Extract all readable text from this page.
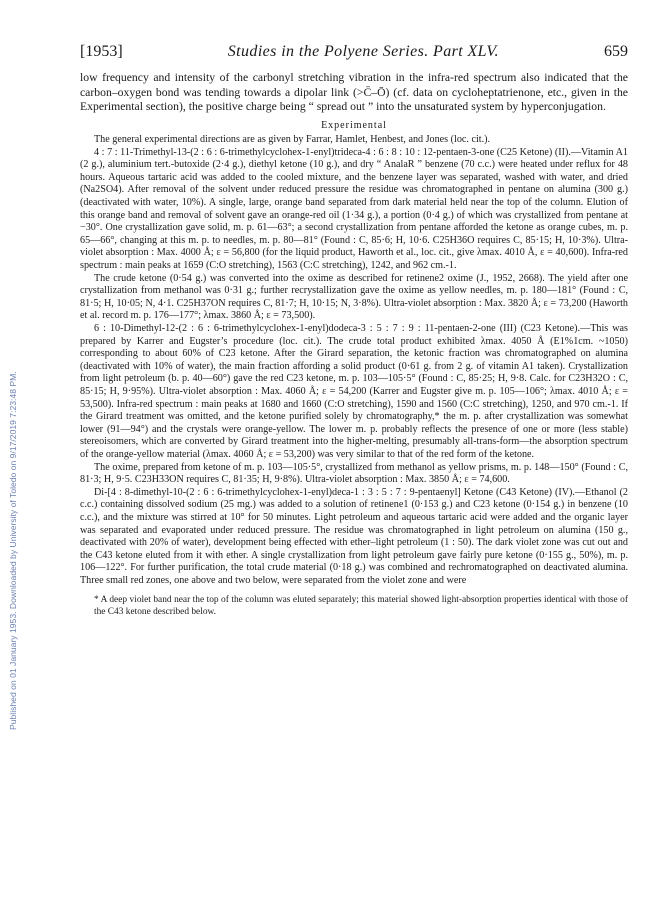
Published on 01 January 1953. Downloaded by University of Toledo on 9/17/2019 7:23:48 PM.
[1953]	Studies in the Polyene Series. Part XLV.	659

low frequency and intensity of the carbonyl stretching vibration in the infra-red spectrum also indicated that the carbon–oxygen bond was tending towards a dipolar link (>C̄–Ō) (cf. data on cycloheptatrienone, etc., given in the Experimental section), the positive charge being “ spread out ” into the unsaturated system by hyperconjugation.

Experimental

The general experimental directions are as given by Farrar, Hamlet, Henbest, and Jones (loc. cit.).

4 : 7 : 11-Trimethyl-13-(2 : 6 : 6-trimethylcyclohex-1-enyl)trideca-4 : 6 : 8 : 10 : 12-pentaen-3-one (C25 Ketone) (II).—Vitamin A1 (2 g.), aluminium tert.-butoxide (2·4 g.), diethyl ketone (10 g.), and dry “ AnalaR ” benzene (70 c.c.) were heated under reflux for 48 hours. Aqueous tartaric acid was added to the cooled mixture, and the benzene layer was separated, washed with water, and dried (Na2SO4). After removal of the solvent under reduced pressure the residue was chromatographed in pentane on alumina (300 g.) (deactivated with water, 10%). A single, large, orange band separated from dark material held near the top of the column. Elution of this orange band and removal of solvent gave an orange-red oil (1·34 g.), a portion (0·4 g.) of which was crystallized from pentane at −30°. One crystallization gave solid, m. p. 61—63°; a second crystallization from pentane afforded the ketone as orange cubes, m. p. 65—66°, changing at this m. p. to needles, m. p. 80—81° (Found : C, 85·6; H, 10·6. C25H36O requires C, 85·15; H, 10·3%). Ultra-violet absorption : Max. 4000 Å; ε = 56,800 (for the liquid product, Haworth et al., loc. cit., give λmax. 4010 Å, ε = 40,600). Infra-red spectrum : main peaks at 1659 (C:O stretching), 1563 (C:C stretching), 1242, and 962 cm.-1.

The crude ketone (0·54 g.) was converted into the oxime as described for retinene2 oxime (J., 1952, 2668). The yield after one crystallization from methanol was 0·31 g.; further recrystallization gave the oxime as yellow needles, m. p. 180—181° (Found : C, 81·5; H, 10·05; N, 4·1. C25H37ON requires C, 81·7; H, 10·15; N, 3·8%). Ultra-violet absorption : Max. 3820 Å; ε = 73,200 (Haworth et al. record m. p. 176—177°; λmax. 3860 Å; ε = 73,500).

6 : 10-Dimethyl-12-(2 : 6 : 6-trimethylcyclohex-1-enyl)dodeca-3 : 5 : 7 : 9 : 11-pentaen-2-one (III) (C23 Ketone).—This was prepared by Karrer and Eugster’s procedure (loc. cit.). The crude total product exhibited λmax. 4050 Å (E1%1cm. ~1050) corresponding to about 60% of C23 ketone. After the Girard separation, the ketonic fraction was chromatographed on alumina (deactivated with 10% of water), the main fraction affording a solid product (0·61 g. from 2 g. of vitamin A1 taken). Crystallization from light petroleum (b. p. 40—60°) gave the red C23 ketone, m. p. 103—105·5° (Found : C, 85·25; H, 9·8. Calc. for C23H32O : C, 85·15; H, 9·95%). Ultra-violet absorption : Max. 4060 Å; ε = 54,200 (Karrer and Eugster give m. p. 105—106°; λmax. 4010 Å; ε = 53,500). Infra-red spectrum : main peaks at 1680 and 1660 (C:O stretching), 1590 and 1560 (C:C stretching), 1250, and 970 cm.-1. If the Girard treatment was omitted, and the ketone purified solely by chromatography,* the m. p. after crystallization was somewhat lower (91—94°) and the crystals were orange-yellow. The lower m. p. probably reflects the presence of one or more (less stable) stereoisomers, which are converted by Girard treatment into the higher-melting, presumably all-trans-form—the absorption spectrum of the orange-yellow material (λmax. 4060 Å; ε = 53,200) was very similar to that of the red form of the ketone.

The oxime, prepared from ketone of m. p. 103—105·5°, crystallized from methanol as yellow prisms, m. p. 148—150° (Found : C, 81·3; H, 9·5. C23H33ON requires C, 81·35; H, 9·8%). Ultra-violet absorption : Max. 3850 Å; ε = 74,600.

Di-[4 : 8-dimethyl-10-(2 : 6 : 6-trimethylcyclohex-1-enyl)deca-1 : 3 : 5 : 7 : 9-pentaenyl] Ketone (C43 Ketone) (IV).—Ethanol (2 c.c.) containing dissolved sodium (25 mg.) was added to a solution of retinene1 (0·153 g.) and C23 ketone (0·154 g.) in benzene (10 c.c.), and the mixture was stirred at 10° for 50 minutes. Light petroleum and aqueous tartaric acid were added and the organic layer was separated and evaporated under reduced pressure. The residue was chromatographed in light petroleum on alumina (150 g., deactivated with 20% of water), development being effected with ether–light petroleum (1 : 50). The dark violet zone was cut out and the C43 ketone eluted from it with ether. A single crystallization from light petroleum gave fairly pure ketone (0·155 g., 50%), m. p. 106—122°. For further purification, the total crude material (0·18 g.) was combined and rechromatographed on deactivated alumina. Three small red zones, one above and two below, were separated from the violet zone and were

* A deep violet band near the top of the column was eluted separately; this material showed light-absorption properties identical with those of the C43 ketone described below.
